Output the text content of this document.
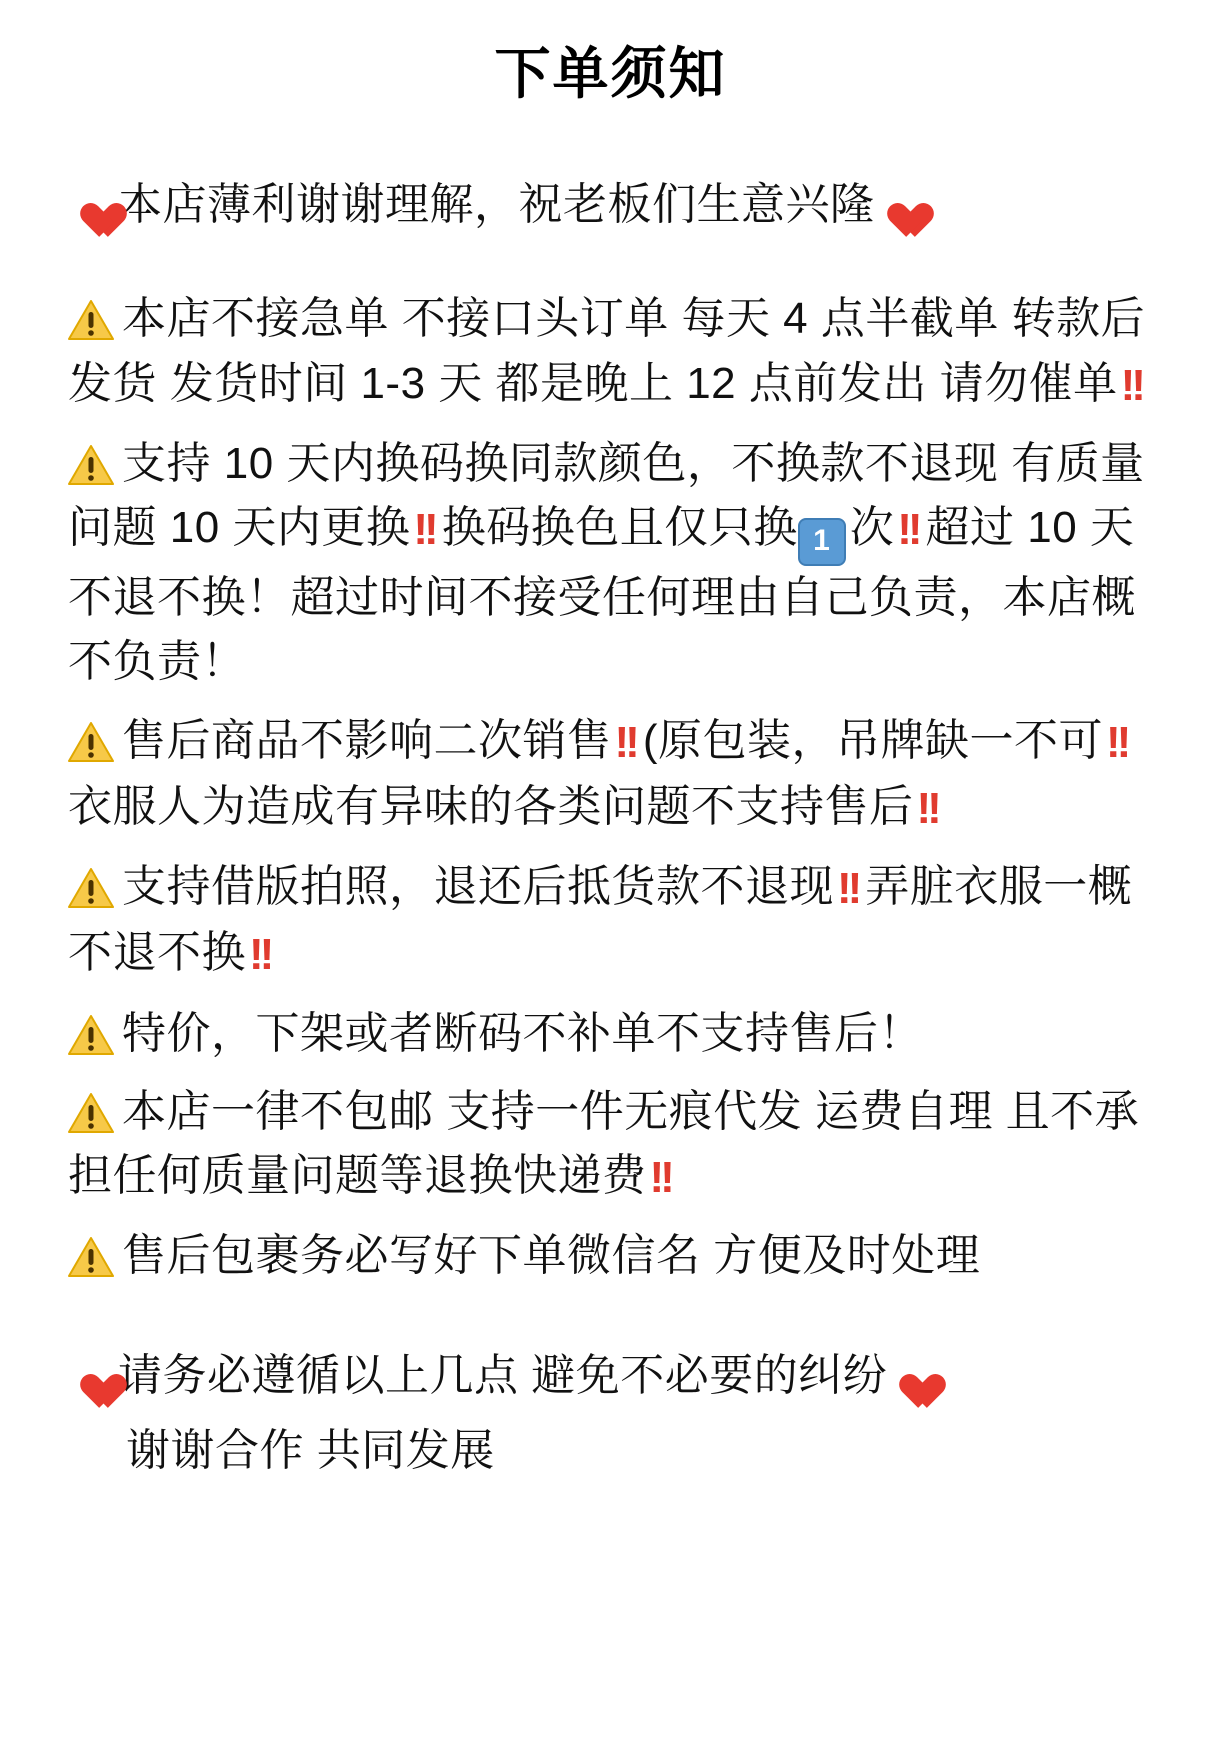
下单须知

本店薄利谢谢理解，祝老板们生意兴隆

本店不接急单 不接口头订单 每天 4 点半截单 转款后发货 发货时间 1-3 天 都是晚上 12 点前发出 请勿催单!!

支持 10 天内换码换同款颜色，不换款不退现 有质量问题 10 天内更换!! 换码换色且仅只换 1 次!! 超过 10 天不退不换！超过时间不接受任何理由自己负责，本店概不负责！

售后商品不影响二次销售!! (原包装，吊牌缺一不可!!衣服人为造成有异味的各类问题不支持售后!!

支持借版拍照，退还后抵货款不退现!! 弄脏衣服一概不退不换!!

特价，下架或者断码不补单不支持售后！

本店一律不包邮 支持一件无痕代发 运费自理 且不承担任何质量问题等退换快递费!!

售后包裹务必写好下单微信名 方便及时处理

请务必遵循以上几点 避免不必要的纠纷

谢谢合作 共同发展
